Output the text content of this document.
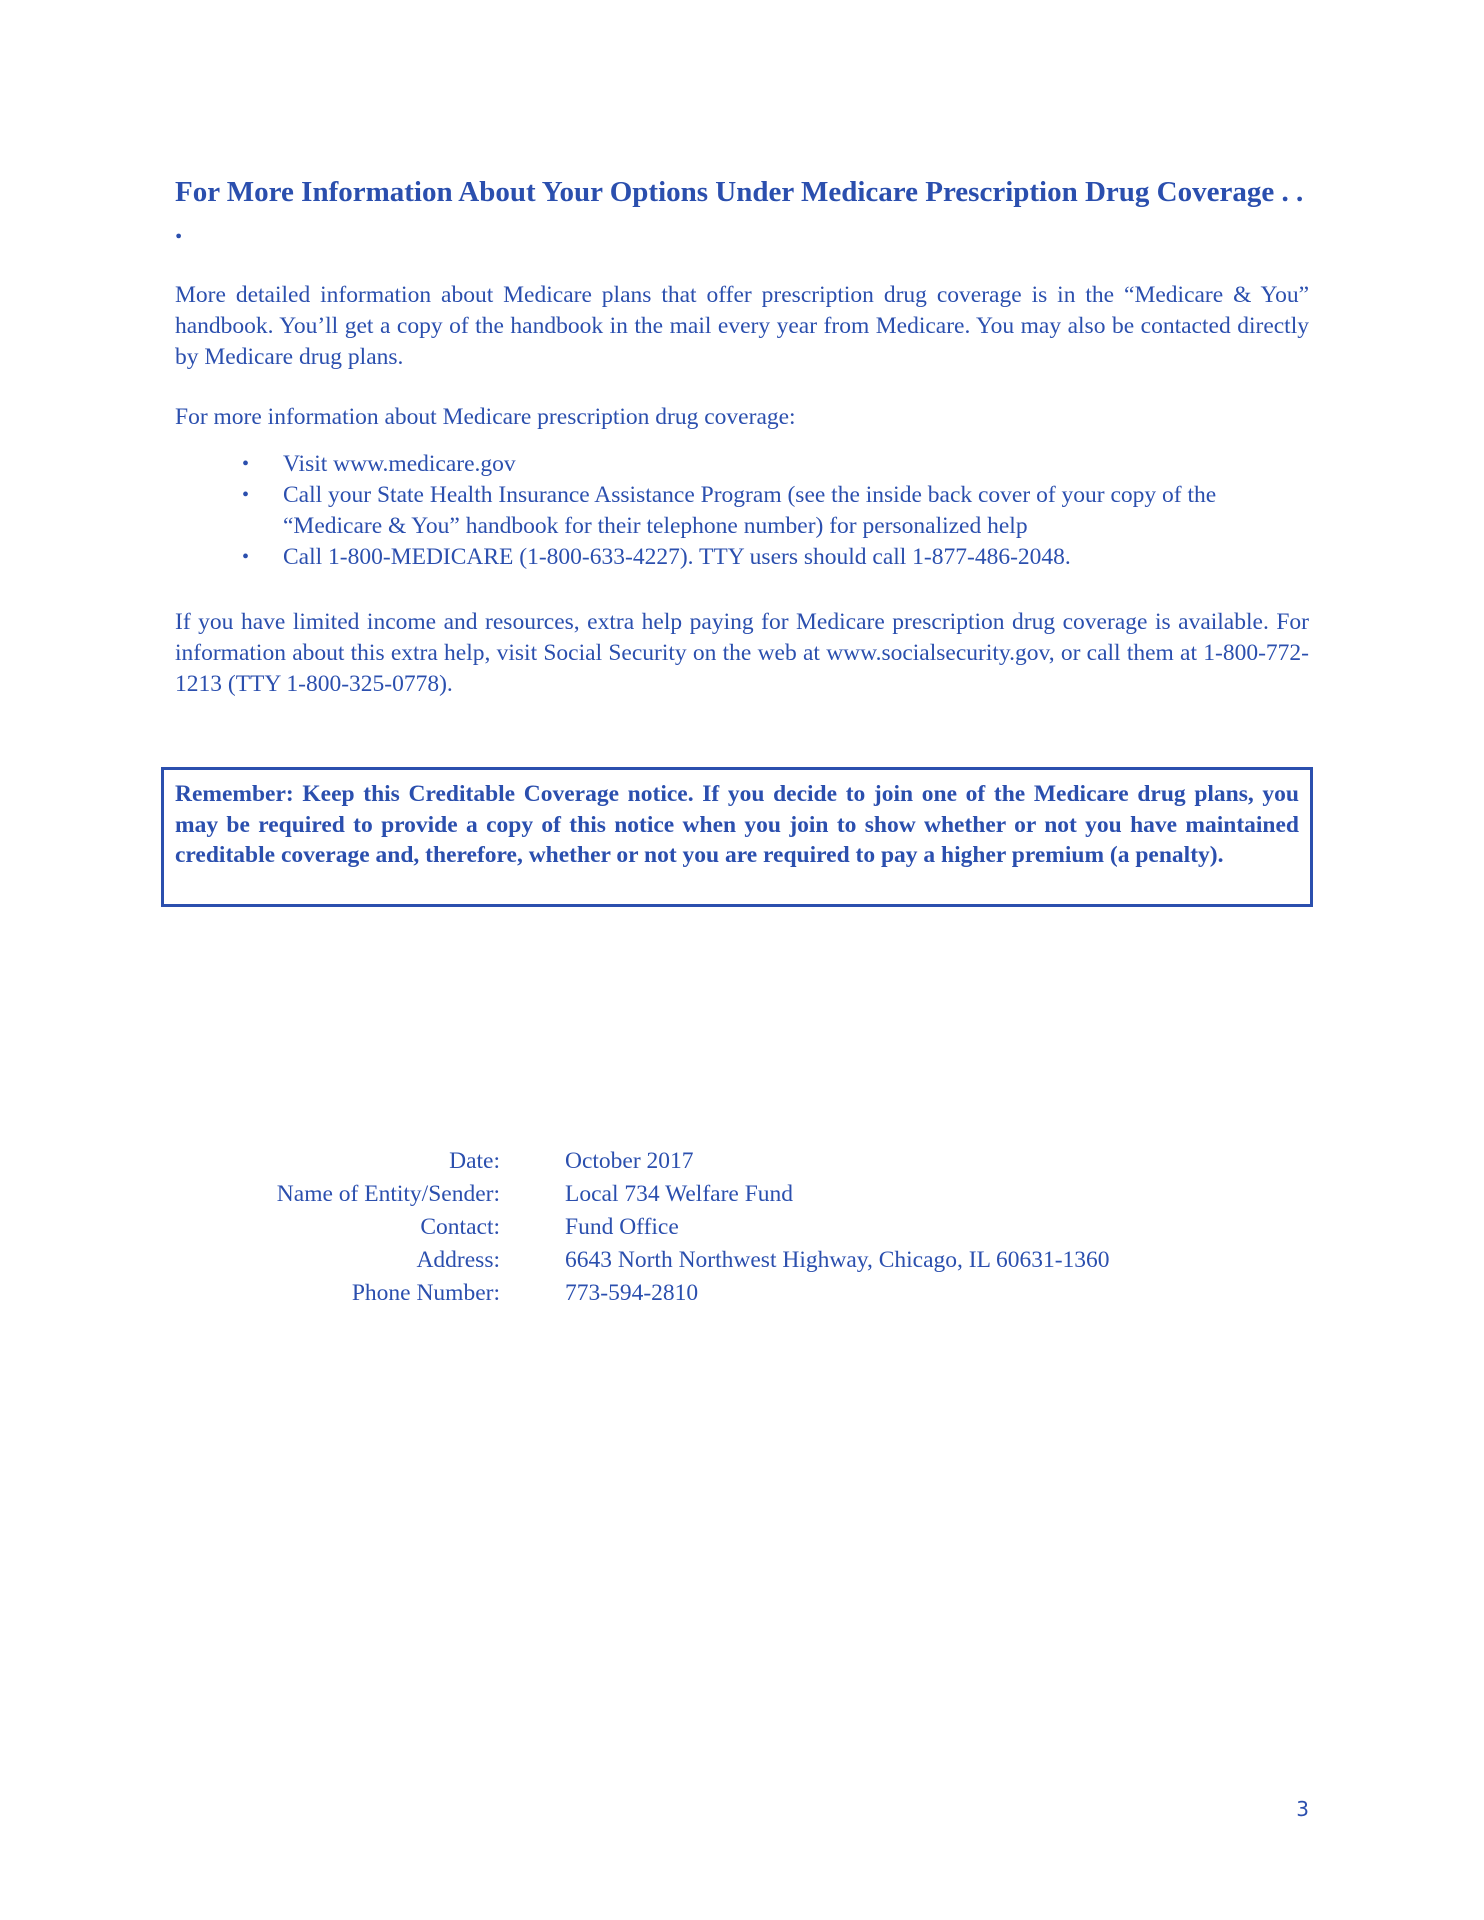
For More Information About Your Options Under Medicare Prescription Drug Coverage . . .

More detailed information about Medicare plans that offer prescription drug coverage is in the “Medicare & You” handbook. You’ll get a copy of the handbook in the mail every year from Medicare. You may also be contacted directly by Medicare drug plans.

For more information about Medicare prescription drug coverage:

• Visit www.medicare.gov
• Call your State Health Insurance Assistance Program (see the inside back cover of your copy of the “Medicare & You” handbook for their telephone number) for personalized help
• Call 1-800-MEDICARE (1-800-633-4227). TTY users should call 1-877-486-2048.

If you have limited income and resources, extra help paying for Medicare prescription drug coverage is available. For information about this extra help, visit Social Security on the web at www.socialsecurity.gov, or call them at 1-800-772-1213 (TTY 1-800-325-0778).

Remember: Keep this Creditable Coverage notice. If you decide to join one of the Medicare drug plans, you may be required to provide a copy of this notice when you join to show whether or not you have maintained creditable coverage and, therefore, whether or not you are required to pay a higher premium (a penalty).
Date:	October 2017
Name of Entity/Sender:	Local 734 Welfare Fund
Contact:	Fund Office
Address:	6643 North Northwest Highway, Chicago, IL 60631-1360
Phone Number:	773-594-2810
3
